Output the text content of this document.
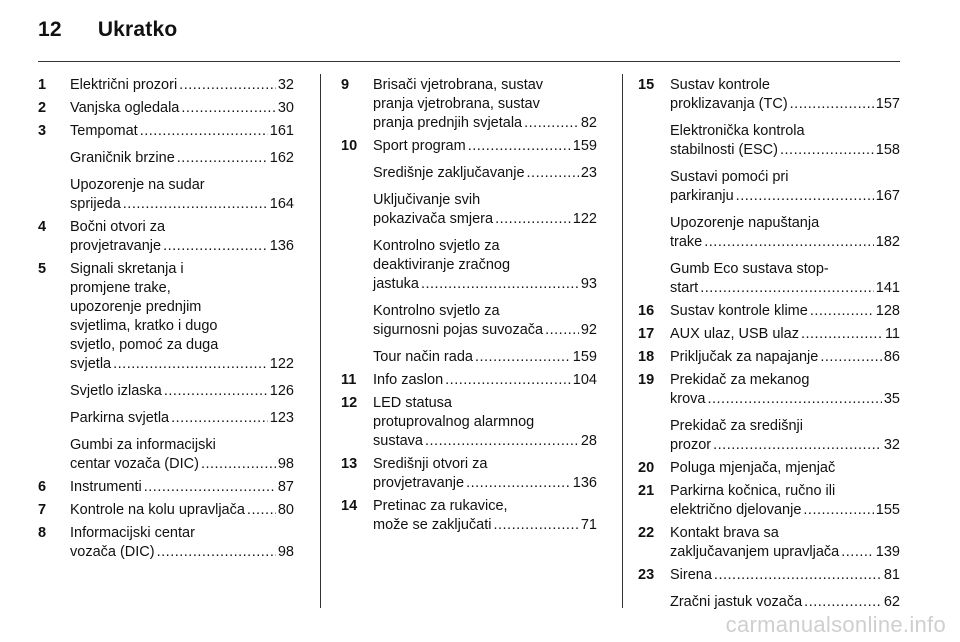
12 Ukratko
1 Električni prozori .....	32
2 Vanjska ogledala .....	30
3 Tempomat .....	161
Graničnik brzine .....	162
Upozorenje na sudar
sprijeda .....	164
4 Bočni otvori za
provjetravanje .....	136
5 Signali skretanja i
promjene trake,
upozorenje prednjim
svjetlima, kratko i dugo
svjetlo, pomoć za duga
svjetla .....	122
Svjetlo izlaska .....	126
Parkirna svjetla .....	123
Gumbi za informacijski
centar vozača (DIC) .....	98
6 Instrumenti .....	87
7 Kontrole na kolu upravljača ..... 80
8 Informacijski centar
vozača (DIC) .....	98
9 Brisači vjetrobrana, sustav
pranja vjetrobrana, sustav
pranja prednjih svjetala .....	82
10 Sport program .....	159
Središnje zaključavanje .....	23
Uključivanje svih
pokazivača smjera .....	122
Kontrolno svjetlo za
deaktiviranje zračnog
jastuka .....	93
Kontrolno svjetlo za
sigurnosni pojas suvozača .....	92
Tour način rada .....	159
11 Info zaslon .....	104
12 LED statusa
protuprovalnog alarmnog
sustava .....	28
13 Središnji otvori za
provjetravanje .....	136
14 Pretinac za rukavice,
može se zaključati .....	71
15 Sustav kontrole
proklizavanja (TC) .....	157
Elektronička kontrola
stabilnosti (ESC) .....	158
Sustavi pomoći pri
parkiranju .....	167
Upozorenje napuštanja
trake .....	182
Gumb Eco sustava stop-
start .....	141
16 Sustav kontrole klime .....	128
17 AUX ulaz, USB ulaz .....	11
18 Priključak za napajanje .....	86
19 Prekidač za mekanog
krova .....	35
Prekidač za središnji
prozor .....	32
20 Poluga mjenjača, mjenjač
21 Parkirna kočnica, ručno ili
električno djelovanje .....	155
22 Kontakt brava sa
zaključavanjem upravljača .....	139
23 Sirena .....	81
Zračni jastuk vozača .....	62
carmanualsonline.info
